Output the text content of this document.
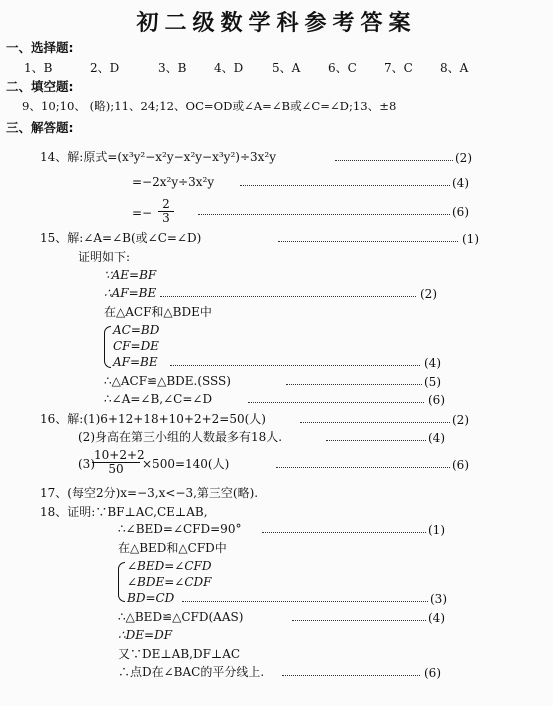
初二级数学科参考答案
一、选择题:
1、B	2、D	3、B 4、D 5、A 6、C 7、C 8、A
二、填空题:
9、10;10、 (略);11、24;12、OC=OD或∠A=∠B或∠C=∠D;13、±8
三、解答题:
14、解:原式=(x³y²−x²y−x²y−x³y²)÷3x²y	(2)
=−2x²y÷3x²y	(4)
=− $\frac{2}{3}$	(6)
15、解:∠A=∠B(或∠C=∠D)	(1)
证明如下:
∵AE=BF
∴AF=BE	(2)
在△ACF和△BDE中
AC=BD
CF=DE
AF=BE	(4)
∴△ACF≌△BDE.(SSS)	(5)
∴∠A=∠B,∠C=∠D	(6)
16、解:(1)6+12+18+10+2+2=50(人)	(2)
(2)身高在第三小组的人数最多有18人.	(4)
(3)
$\frac{10+2+2}{50} \times 500=140$(人)	(6)
17、(每空2分)x=−3,x<−3,第三空(略).
18、证明:∵BF⊥AC,CE⊥AB,
∴∠BED=∠CFD=90°	(1)
在△BED和△CFD中
∠BED=∠CFD
∠BDE=∠CDF
BD=CD	(3)
∴△BED≌△CFD(AAS)	(4)
∴DE=DF
又∵DE⊥AB,DF⊥AC
∴点D在∠BAC的平分线上.	(6)
